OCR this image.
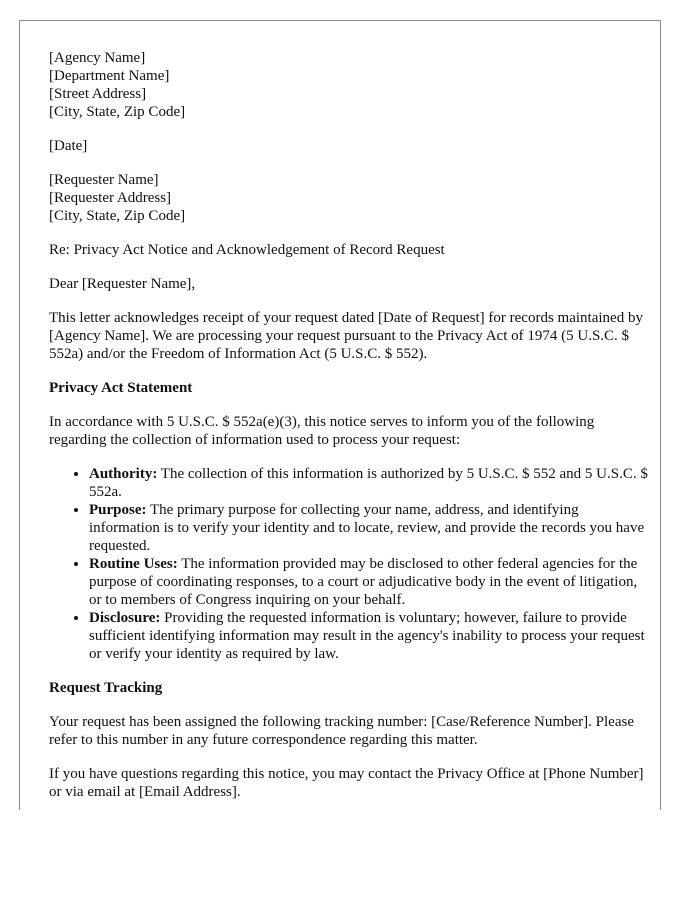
[Agency Name]
[Department Name]
[Street Address]
[City, State, Zip Code]
[Date]
[Requester Name]
[Requester Address]
[City, State, Zip Code]
Re: Privacy Act Notice and Acknowledgement of Record Request
Dear [Requester Name],
This letter acknowledges receipt of your request dated [Date of Request] for records maintained by [Agency Name]. We are processing your request pursuant to the Privacy Act of 1974 (5 U.S.C. $ 552a) and/or the Freedom of Information Act (5 U.S.C. $ 552).
Privacy Act Statement
In accordance with 5 U.S.C. $ 552a(e)(3), this notice serves to inform you of the following regarding the collection of information used to process your request:
• Authority: The collection of this information is authorized by 5 U.S.C. $ 552 and 5 U.S.C. $ 552a.
• Purpose: The primary purpose for collecting your name, address, and identifying information is to verify your identity and to locate, review, and provide the records you have requested.
• Routine Uses: The information provided may be disclosed to other federal agencies for the purpose of coordinating responses, to a court or adjudicative body in the event of litigation, or to members of Congress inquiring on your behalf.
• Disclosure: Providing the requested information is voluntary; however, failure to provide sufficient identifying information may result in the agency's inability to process your request or verify your identity as required by law.
Request Tracking
Your request has been assigned the following tracking number: [Case/Reference Number]. Please refer to this number in any future correspondence regarding this matter.
If you have questions regarding this notice, you may contact the Privacy Office at [Phone Number] or via email at [Email Address].
